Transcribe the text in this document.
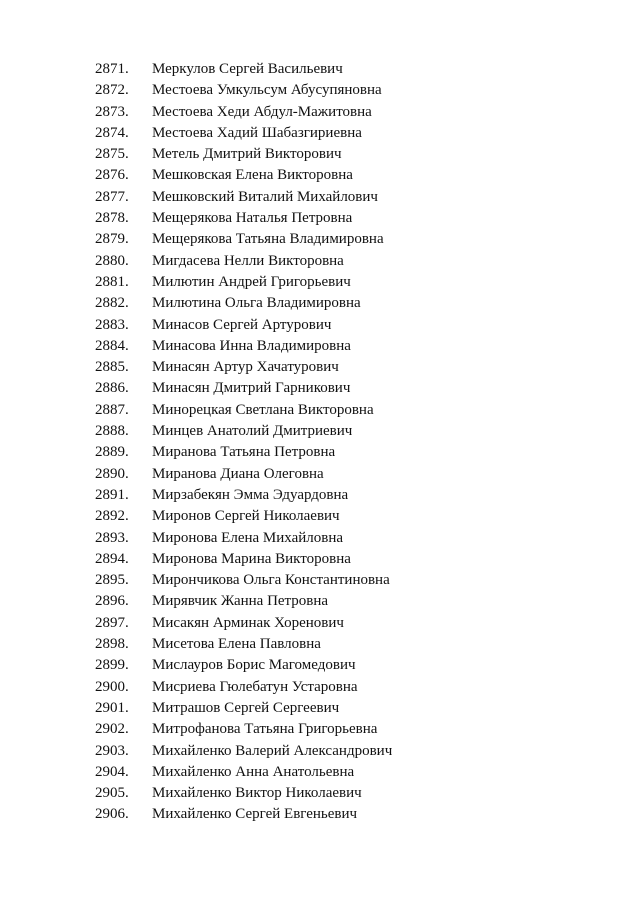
2871. Меркулов Сергей Васильевич
2872. Местоева Умкульсум Абусупяновна
2873. Местоева Хеди Абдул-Мажитовна
2874. Местоева Хадий Шабазгириевна
2875. Метель Дмитрий Викторович
2876. Мешковская Елена Викторовна
2877. Мешковский Виталий Михайлович
2878. Мещерякова Наталья Петровна
2879. Мещерякова Татьяна Владимировна
2880. Мигдасева Нелли Викторовна
2881. Милютин Андрей Григорьевич
2882. Милютина Ольга Владимировна
2883. Минасов Сергей Артурович
2884. Минасова Инна Владимировна
2885. Минасян Артур Хачатурович
2886. Минасян Дмитрий Гарникович
2887. Минорецкая Светлана Викторовна
2888. Минцев Анатолий Дмитриевич
2889. Миранова Татьяна Петровна
2890. Миранова Диана Олеговна
2891. Мирзабекян Эмма Эдуардовна
2892. Миронов Сергей Николаевич
2893. Миронова Елена Михайловна
2894. Миронова Марина Викторовна
2895. Мирончикова Ольга Константиновна
2896. Мирявчик Жанна Петровна
2897. Мисакян Арминак Хоренович
2898. Мисетова Елена Павловна
2899. Мислауров Борис Магомедович
2900. Мисриева Гюлебатун Устаровна
2901. Митрашов Сергей Сергеевич
2902. Митрофанова Татьяна Григорьевна
2903. Михайленко Валерий Александрович
2904. Михайленко Анна Анатольевна
2905. Михайленко Виктор Николаевич
2906. Михайленко Сергей Евгеньевич
